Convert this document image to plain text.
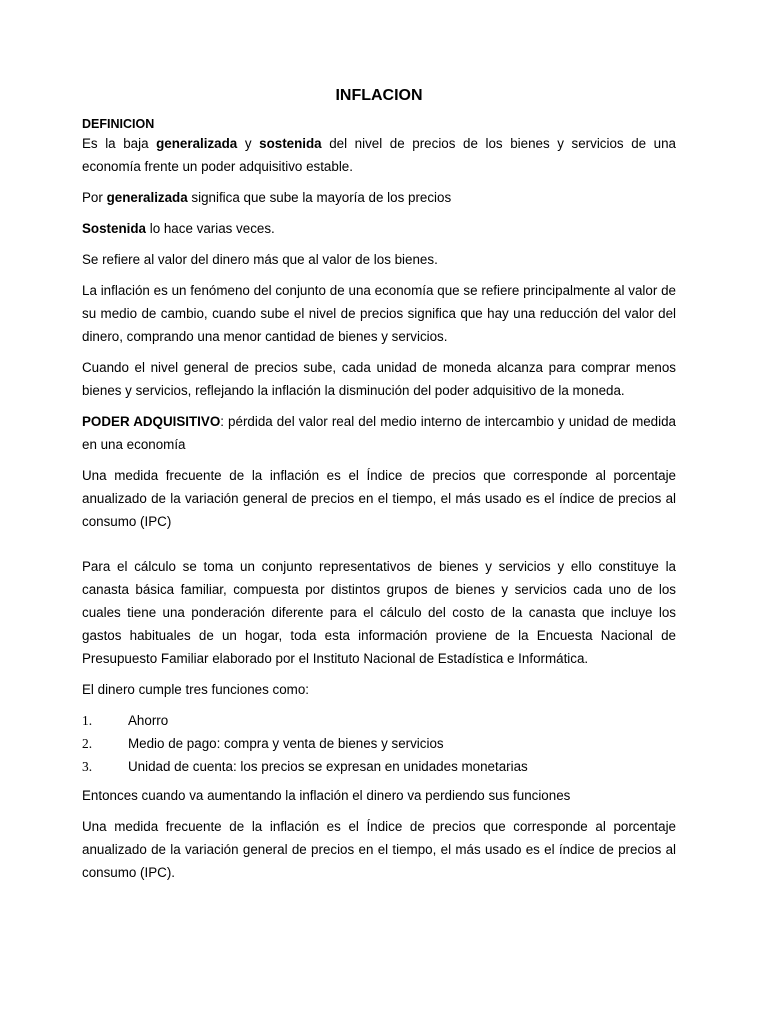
INFLACION
DEFINICION

Es la baja generalizada y sostenida del nivel de precios de los bienes y servicios de una economía frente un poder adquisitivo estable.

Por generalizada significa que sube la mayoría de los precios

Sostenida lo hace varias veces.

Se refiere al valor del dinero más que al valor de los bienes.

La inflación es un fenómeno del conjunto de una economía que se refiere principalmente al valor de su medio de cambio, cuando sube el nivel de precios significa que hay una reducción del valor del dinero, comprando una menor cantidad de bienes y servicios.

Cuando el nivel general de precios sube, cada unidad de moneda alcanza para comprar menos bienes y servicios, reflejando la inflación la disminución del poder adquisitivo de la moneda.

PODER ADQUISITIVO: pérdida del valor real del medio interno de intercambio y unidad de medida en una economía

Una medida frecuente de la inflación es el Índice de precios que corresponde al porcentaje anualizado de la variación general de precios en el tiempo, el más usado es el índice de precios al consumo (IPC)

Para el cálculo se toma un conjunto representativos de bienes y servicios y ello constituye la canasta básica familiar, compuesta por distintos grupos de bienes y servicios cada uno de los cuales tiene una ponderación diferente para el cálculo del costo de la canasta que incluye los gastos habituales de un hogar, toda esta información proviene de la Encuesta Nacional de Presupuesto Familiar elaborado por el Instituto Nacional de Estadística e Informática.

El dinero cumple tres funciones como:

1.	Ahorro
2.	Medio de pago: compra y venta de bienes y servicios
3.	Unidad de cuenta: los precios se expresan en unidades monetarias

Entonces cuando va aumentando la inflación el dinero va perdiendo sus funciones

Una medida frecuente de la inflación es el Índice de precios que corresponde al porcentaje anualizado de la variación general de precios en el tiempo, el más usado es el índice de precios al consumo (IPC).
